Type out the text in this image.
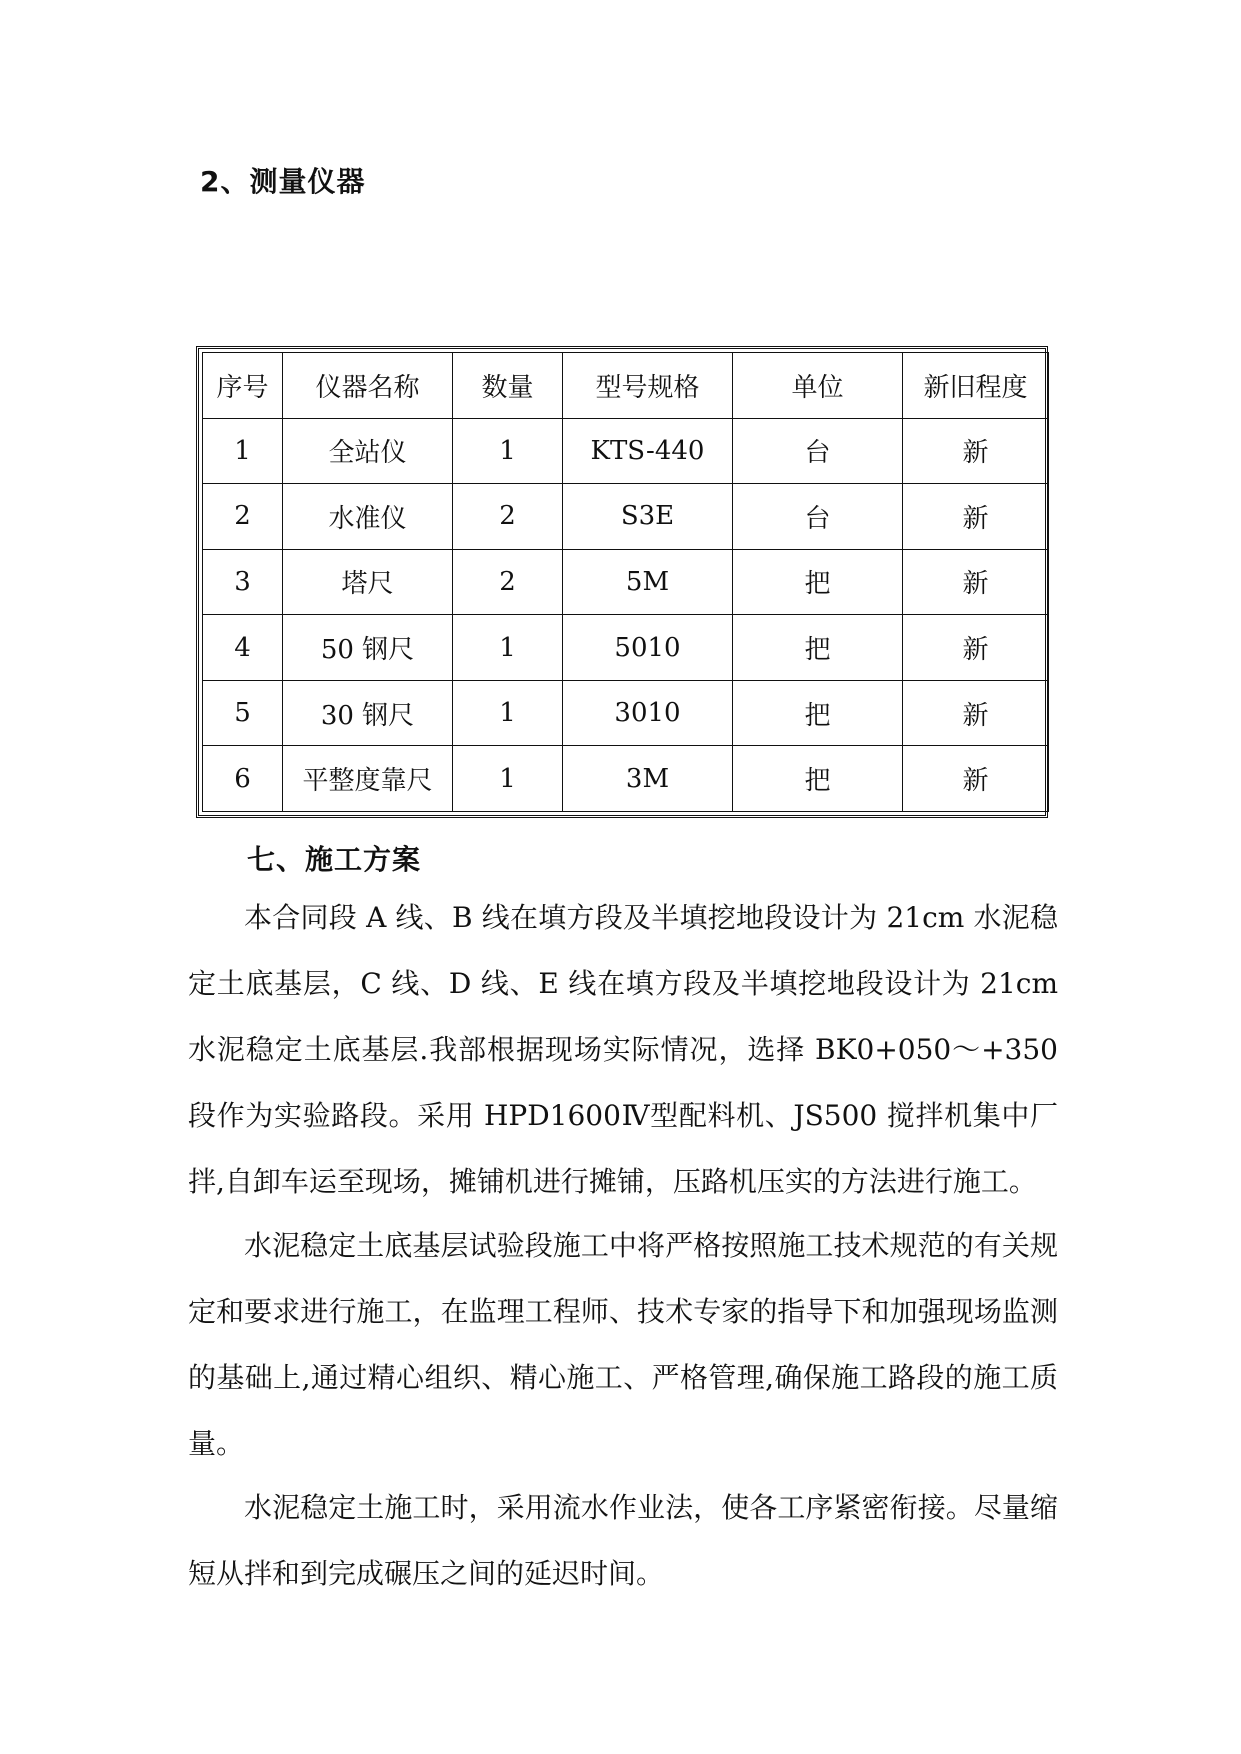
2、测量仪器
序号	仪器名称	数量	型号规格	单位	新旧程度
1	全站仪	1	KTS-440	台	新
2	水准仪	2	S3E	台	新
3	塔尺	2	5M	把	新
4	50 钢尺	1	5010	把	新
5	30 钢尺	1	3010	把	新
6	平整度靠尺	1	3M	把	新
七、施工方案

本合同段 A 线、B 线在填方段及半填挖地段设计为 21cm 水泥稳定土底基层，C 线、D 线、E 线在填方段及半填挖地段设计为 21cm 水泥稳定土底基层.我部根据现场实际情况，选择 BK0+050～+350 段作为实验路段。采用 HPD1600Ⅳ型配料机、JS500 搅拌机集中厂拌,自卸车运至现场，摊铺机进行摊铺，压路机压实的方法进行施工。

水泥稳定土底基层试验段施工中将严格按照施工技术规范的有关规定和要求进行施工，在监理工程师、技术专家的指导下和加强现场监测的基础上,通过精心组织、精心施工、严格管理,确保施工路段的施工质量。

水泥稳定土施工时，采用流水作业法，使各工序紧密衔接。尽量缩短从拌和到完成碾压之间的延迟时间。
